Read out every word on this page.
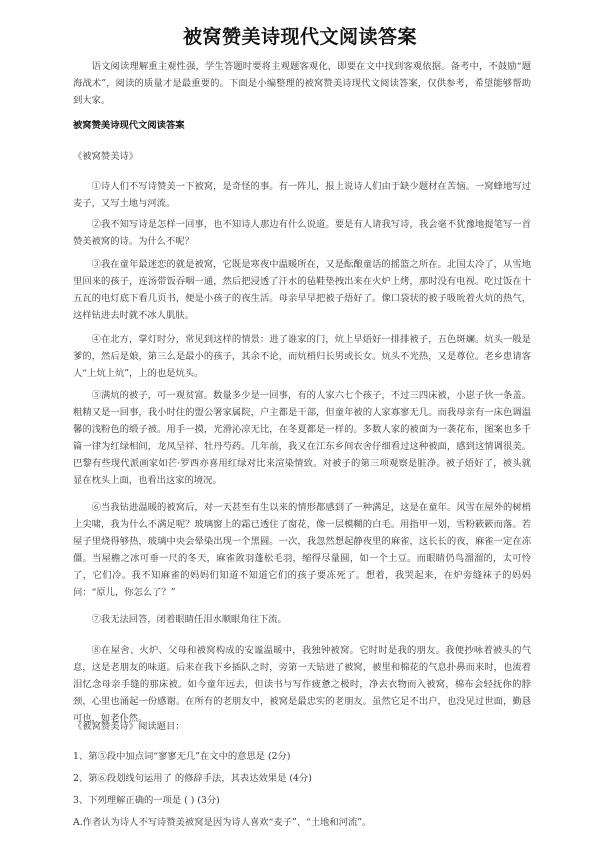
被窝赞美诗现代文阅读答案

语文阅读理解重主观性强，学生答题时要将主观题客观化，即要在文中找到客观依据。备考中，不鼓励“题海战术”，阅读的质量才是最重要的。下面是小编整理的被窝赞美诗现代文阅读答案，仅供参考，希望能够帮助到大家。

被窝赞美诗现代文阅读答案

《被窝赞美诗》

①诗人们不写诗赞美一下被窝，是奇怪的事。有一阵儿，报上说诗人们由于缺少题材在苦恼。一窝蜂地写过麦子，又写土地与河流。

②我不知写诗是怎样一回事，也不知诗人那边有什么说道。要是有人请我写诗，我会毫不犹豫地提笔写一首赞美被窝的诗。为什么不呢？

③我在童年最迷恋的就是被窝，它既是寒夜中温暖所在，又是酝酿童话的摇篮之所在。北国太冷了，从雪地里回来的孩子，连汤带饭吞咽一通，然后把浸透了汗水的毡鞋垫拽出来在火炉上烤，那时没有电视。吃过饭在十五瓦的电灯底下看几页书，便是小孩子的夜生活。母亲早早把被子焐好了。像口袋状的被子吸吮着火炕的热气，这样钻进去时就不冰人肌肤。

④在北方，掌灯时分，常见到这样的情景：进了谁家的门，炕上早焐好一排排被子，五色斑斓。炕头一般是爹的，然后是娘，第三么是最小的孩子，其余不论，而炕梢归长男或长女。炕头不光热，又是尊位。老乡患请客人“上炕上炕”，上的也是炕头。

⑤满炕的被子，可一观贫富。数量多少是一回事，有的人家六七个孩子，不过三四床被，小崽子伙一条盖。粗精又是一回事，我小时住的盟公署家属院，户主都是干部，但童年被的人家寡寥无几。而我母亲有一床色调温馨的浅粉色的缎子被。用手一摸，光滑沁凉无比，在冬夏都是一样的。多数人家的被面为一袭花布，图案也多千篇一律为红绿相间，龙凤呈祥、牡丹芍药。几年前，我又在江东乡间农舍仔细看过这种被面，感到这情调很美。巴黎有些现代派画家如芒·罗西亦喜用红绿对比来渲染情致。对被子的第三项观察是脏净。被子焐好了，被头就显在枕头上面，也看出这家的境况。

⑥当我钻进温暖的被窝后，对一天甚至有生以来的情形都感到了一种满足，这是在童年。风雪在屋外的树梢上尖啸，我为什么不满足呢？玻璃窗上的霜已透住了窗花，像一层模糊的白毛。用指甲一划，雪粉簌簌而落。若屋子里烧得够热，玻璃中央会晕染出现一个黑圆。一次，我忽然想起静夜里的麻雀，这长长的夜，麻雀一定在冻僵。当屋檐之冰可垂一尺的冬天，麻雀敛羽蓬松毛羽，缩得尽量圆，如一个土豆。而眼睛仍鸟溜溜的，太可怜了，它们冷。我不知麻雀的妈妈们知道不知道它们的孩子要冻死了。想着，我哭起来，在炉旁缝袜子的妈妈问：“原儿，你怎么了？”

⑦我无法回答，闭着眼睛任泪水顺眼角往下流。

⑧在屋舍、火炉、父母和被窝构成的安谧温暖中，我独钟被窝。它时时是我的朋友。我便抄咏着被头的气息，这是老朋友的味道。后来在我下乡插队之时，旁第一天钻进了被窝，被里和棉花的气息扑鼻而来时，也流着泪忆念母亲手缝的那床被。如今童年远去，但读书与写作疲惫之极时，净去衣物而入被窝，棉布会轻抚你的脖颈，心里也涌起一份感谢。在所有的老朋友中，被窝是最忠实的老朋友。虽然它足不出户，也没见过世面，勤恳可也，如老仆然。

《被窝赞美诗》阅读题目：

1、第⑤段中加点词“寥寥无几”在文中的意思是 (2分)

2、第⑥段划线句运用了 的修辞手法，其表达效果是 (4分)

3、下列理解正确的一项是 ( ) (3分)

A.作者认为诗人不写诗赞美被窝是因为诗人喜欢“麦子”、“土地和河流”。
